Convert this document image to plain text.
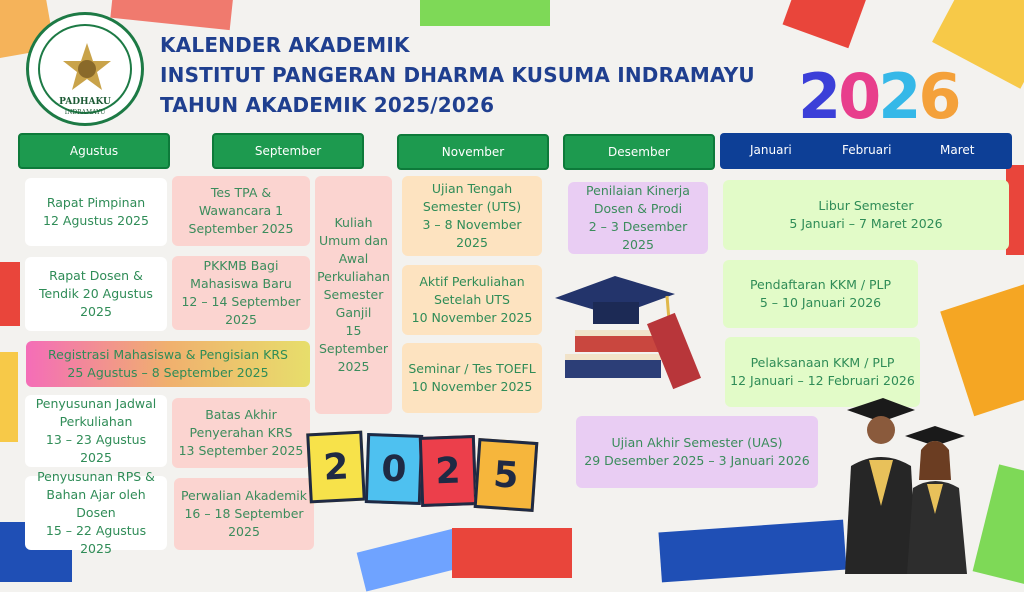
PADHAKU
INDRAMAYU
KALENDER AKADEMIK
INSTITUT PANGERAN DHARMA KUSUMA INDRAMAYU
TAHUN AKADEMIK 2025/2026	2026
Agustus	September	November	Desember	Januari	Februari	Maret
Rapat Pimpinan
12 Agustus 2025
Rapat Dosen &
Tendik 20 Agustus
2025
Registrasi Mahasiswa & Pengisian KRS
25 Agustus – 8 September 2025
Penyusunan Jadwal
Perkuliahan
13 – 23 Agustus 2025
Penyusunan RPS &
Bahan Ajar oleh
Dosen
15 – 22 Agustus 2025
Tes TPA &
Wawancara 1
September 2025
PKKMB Bagi
Mahasiswa Baru
12 – 14 September
2025
Kuliah
Umum dan
Awal
Perkuliahan
Semester
Ganjil
15
September
2025
Batas Akhir
Penyerahan KRS
13 September 2025
Perwalian Akademik
16 – 18 September
2025
2 0 2 5
Ujian Tengah
Semester (UTS)
3 – 8 November
2025
Aktif Perkuliahan
Setelah UTS
10 November 2025
Seminar / Tes TOEFL
10 November 2025
Penilaian Kinerja
Dosen & Prodi
2 – 3 Desember 2025
Ujian Akhir Semester (UAS)
29 Desember 2025 – 3 Januari 2026
Libur Semester
5 Januari – 7 Maret 2026
Pendaftaran KKM / PLP
5 – 10 Januari 2026
Pelaksanaan KKM / PLP
12 Januari – 12 Februari 2026
